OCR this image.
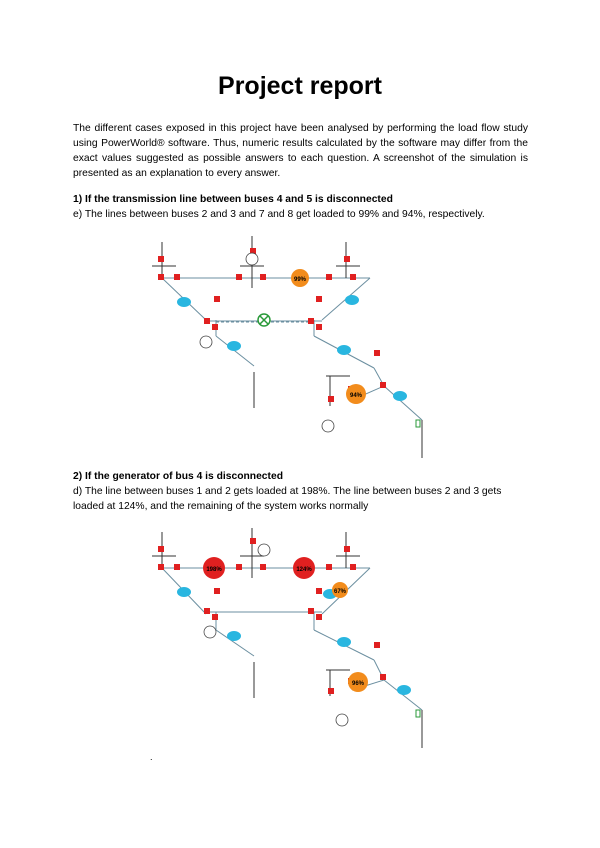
Project report

The different cases exposed in this project have been analysed by performing the load flow study using PowerWorld® software. Thus, numeric results calculated by the software may differ from the exact values suggested as possible answers to each question. A screenshot of the simulation is presented as an explanation to every answer.

1) If the transmission line between buses 4 and 5 is disconnected

e) The lines between buses 2 and 3 and 7 and 8 get loaded to 99% and 94%, respectively.

99%
94%

2) If the generator of bus 4 is disconnected

d) The line between buses 1 and 2 gets loaded at 198%. The line between buses 2 and 3 gets loaded at 124%, and the remaining of the system works normally

198%	124%
67%
96%
.
